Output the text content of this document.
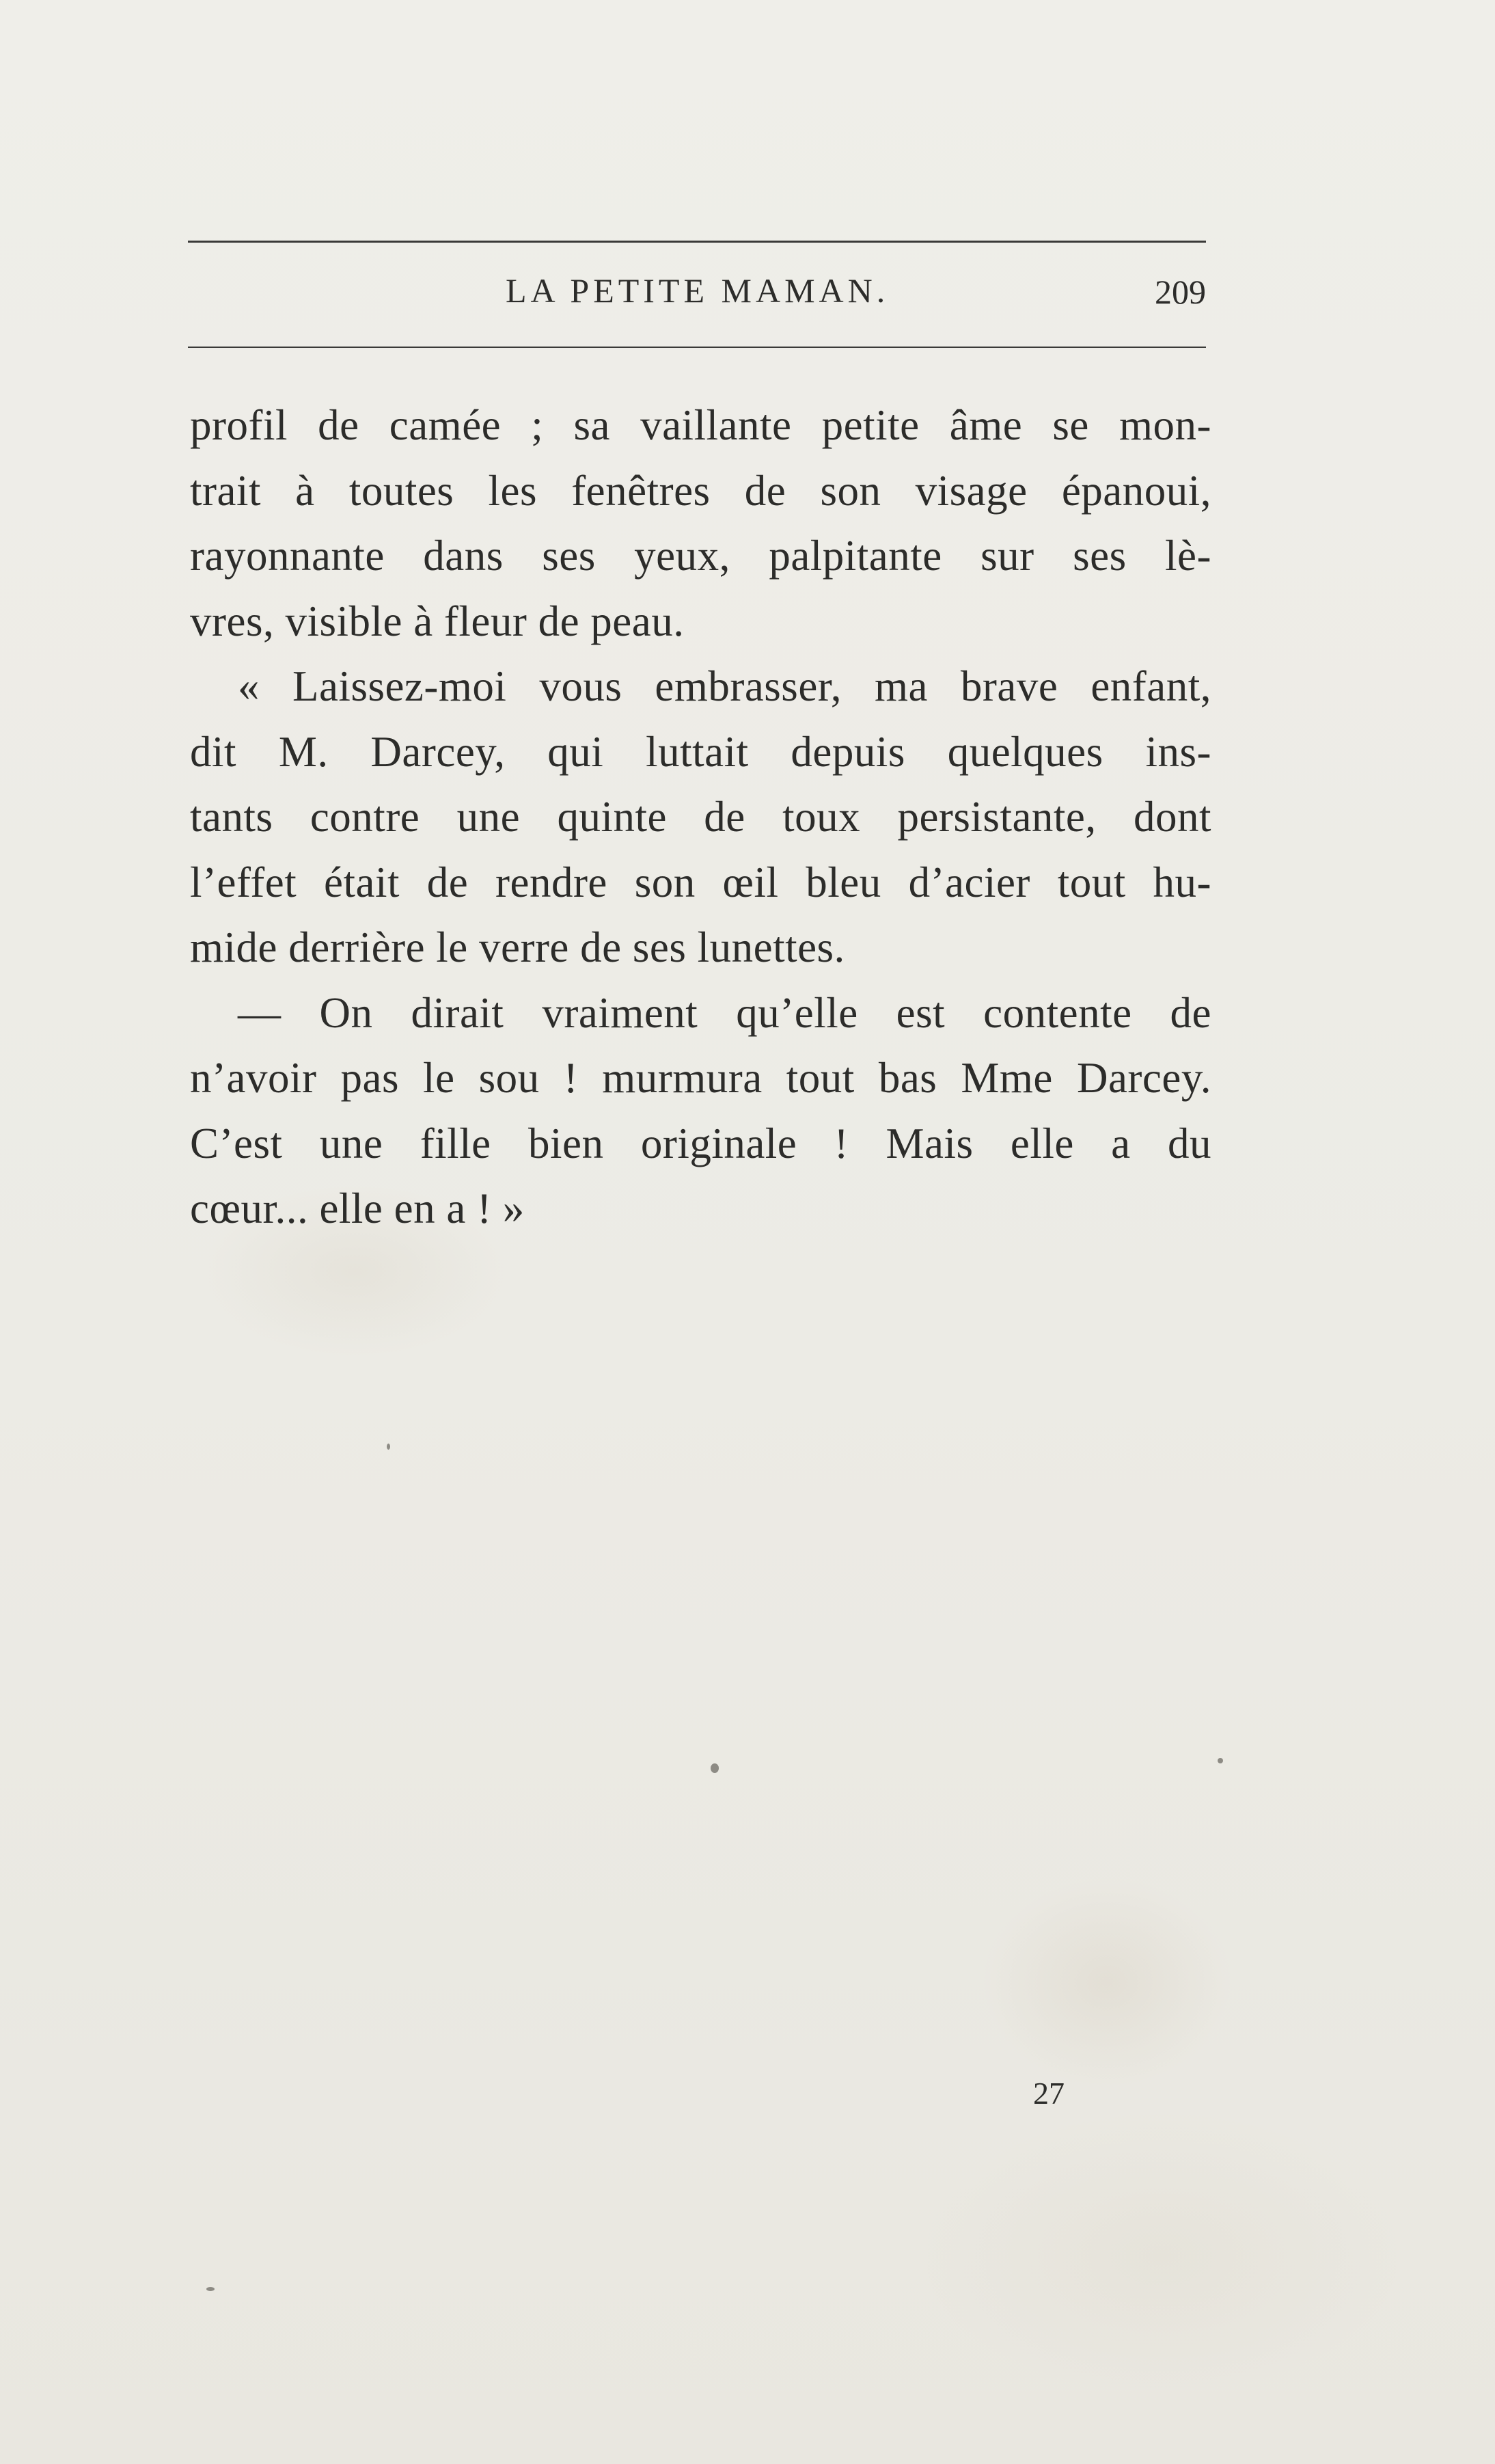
LA PETITE MAMAN.	209
profil de camée ; sa vaillante petite âme se mon-
trait à toutes les fenêtres de son visage épanoui,
rayonnante dans ses yeux, palpitante sur ses lè-
vres, visible à fleur de peau.
« Laissez-moi vous embrasser, ma brave enfant,
dit M. Darcey, qui luttait depuis quelques ins-
tants contre une quinte de toux persistante, dont
l’effet était de rendre son œil bleu d’acier tout hu-
mide derrière le verre de ses lunettes.
— On dirait vraiment qu’elle est contente de
n’avoir pas le sou ! murmura tout bas Mme Darcey.
C’est une fille bien originale ! Mais elle a du
cœur... elle en a ! »
27
